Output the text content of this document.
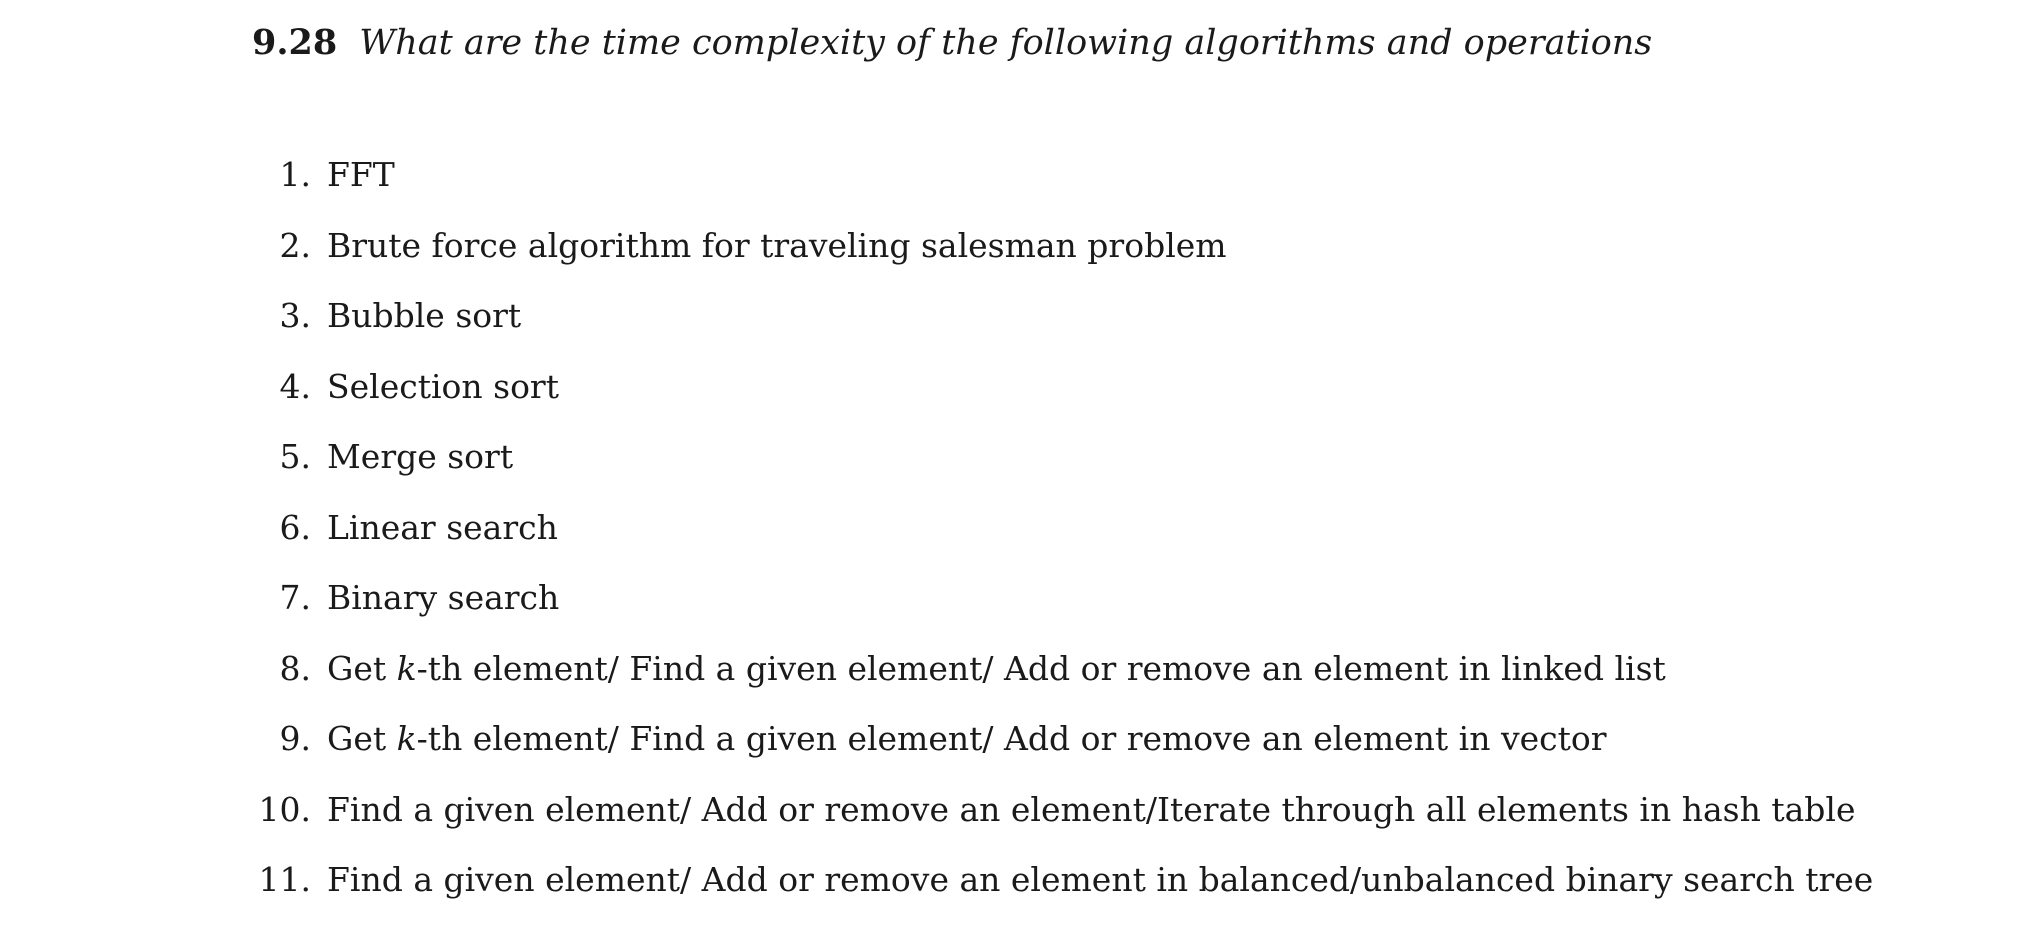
9.28 What are the time complexity of the following algorithms and operations

1. FFT
2. Brute force algorithm for traveling salesman problem
3. Bubble sort
4. Selection sort
5. Merge sort
6. Linear search
7. Binary search
8. Get k-th element/ Find a given element/ Add or remove an element in linked list
9. Get k-th element/ Find a given element/ Add or remove an element in vector
10. Find a given element/ Add or remove an element/Iterate through all elements in hash table
11. Find a given element/ Add or remove an element in balanced/unbalanced binary search tree
